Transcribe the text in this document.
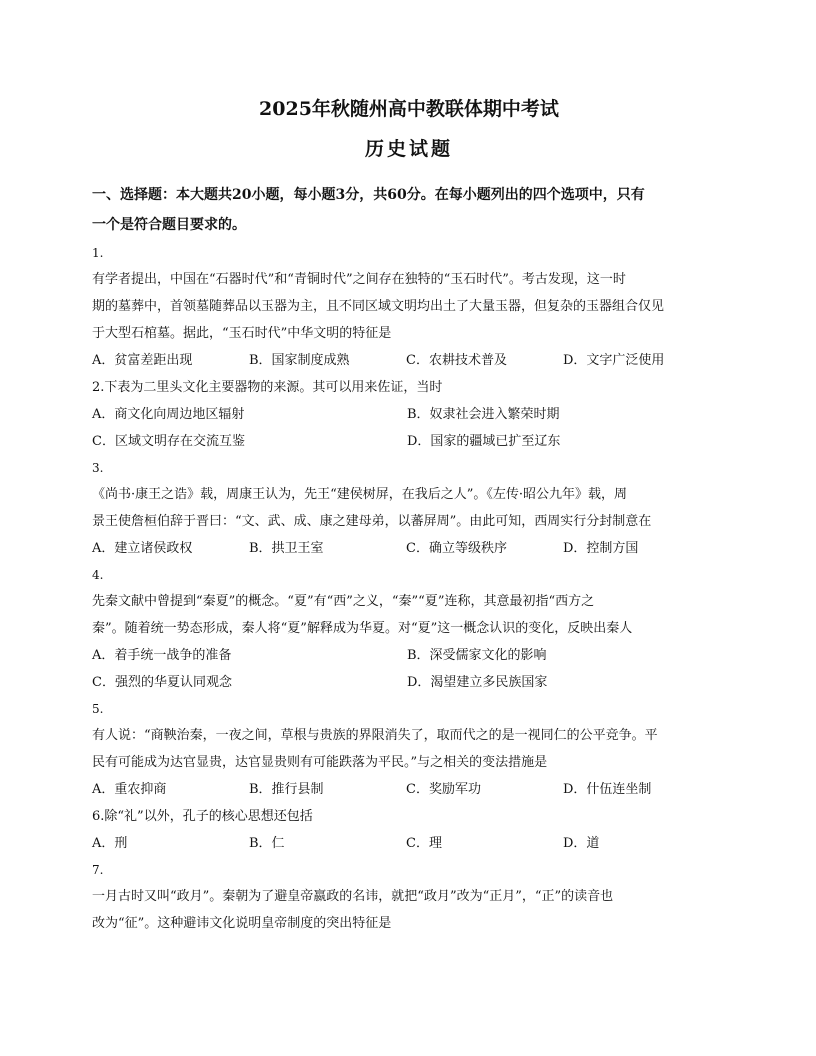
2025年秋随州高中教联体期中考试
历史试题
一、选择题：本大题共20小题，每小题3分，共60分。在每小题列出的四个选项中，只有
一个是符合题目要求的。
1.
有学者提出，中国在“石器时代”和“青铜时代”之间存在独特的“玉石时代”。考古发现，这一时
期的墓葬中，首领墓随葬品以玉器为主，且不同区域文明均出土了大量玉器，但复杂的玉器组合仅见
于大型石棺墓。据此，“玉石时代”中华文明的特征是
A．贫富差距出现	B．国家制度成熟	C．农耕技术普及	D．文字广泛使用
2.下表为二里头文化主要器物的来源。其可以用来佐证，当时
A．商文化向周边地区辐射	B．奴隶社会进入繁荣时期
C．区域文明存在交流互鉴	D．国家的疆域已扩至辽东
3.
《尚书·康王之诰》载，周康王认为，先王“建侯树屏，在我后之人”。《左传·昭公九年》载，周
景王使詹桓伯辞于晋曰：“文、武、成、康之建母弟，以蕃屏周”。由此可知，西周实行分封制意在
A．建立诸侯政权	B．拱卫王室	C．确立等级秩序	D．控制方国
4.
先秦文献中曾提到“秦夏”的概念。“夏”有“西”之义，“秦”“夏”连称，其意最初指“西方之
秦”。随着统一势态形成，秦人将“夏”解释成为华夏。对“夏”这一概念认识的变化，反映出秦人
A．着手统一战争的准备	B．深受儒家文化的影响
C．强烈的华夏认同观念	D．渴望建立多民族国家
5.
有人说：“商鞅治秦，一夜之间，草根与贵族的界限消失了，取而代之的是一视同仁的公平竞争。平
民有可能成为达官显贵，达官显贵则有可能跌落为平民。”与之相关的变法措施是
A．重农抑商	B．推行县制	C．奖励军功	D．什伍连坐制
6.除“礼”以外，孔子的核心思想还包括
A．刑	B．仁	C．理	D．道
7.
一月古时又叫“政月”。秦朝为了避皇帝嬴政的名讳，就把“政月”改为“正月”，“正”的读音也
改为“征”。这种避讳文化说明皇帝制度的突出特征是
